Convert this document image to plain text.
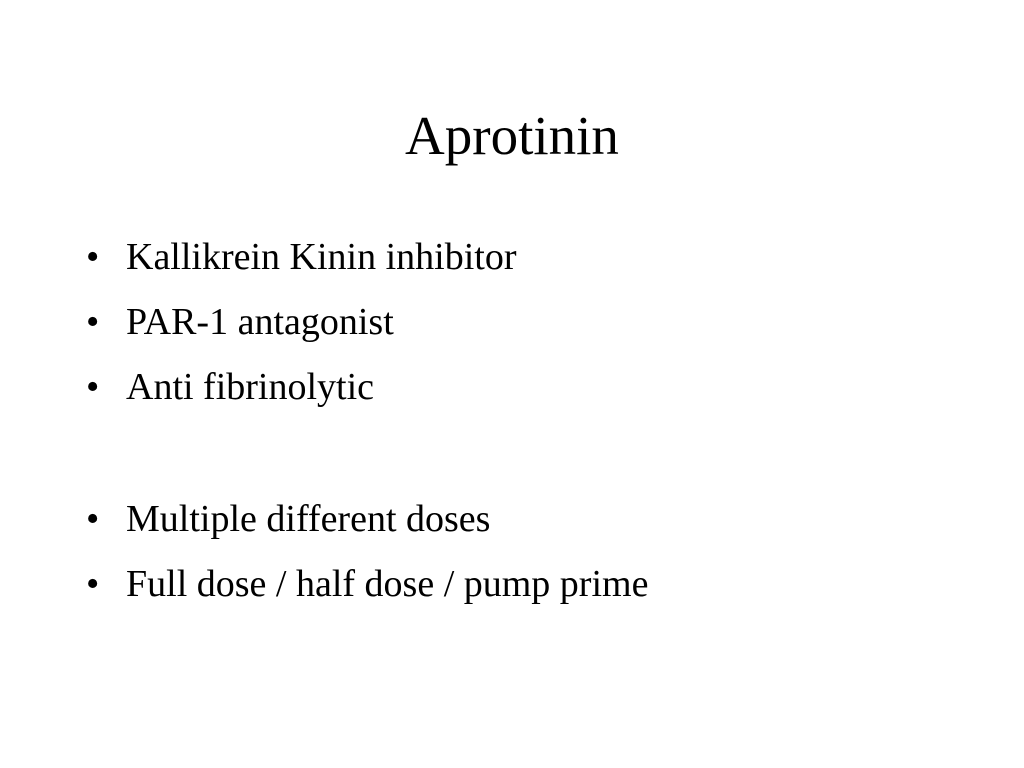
Aprotinin
• Kallikrein Kinin inhibitor
• PAR-1 antagonist
• Anti fibrinolytic
• Multiple different doses
• Full dose / half dose / pump prime
